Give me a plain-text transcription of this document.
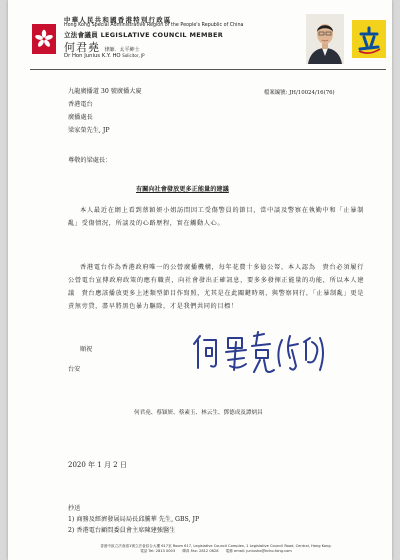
中華人民共和國香港特別行政區
Hong Kong Special Administrative Region of the People's Republic of China
立法會議員 LEGISLATIVE COUNCIL MEMBER
何君堯 律師．太平紳士
Dr Hon Junius K.Y. HO Solicitor, JP
檔案編號: JH/10024/16(76)
九龍廣播道 30 號廣播大廈
香港電台
廣播處長
梁家榮先生, JP
尊敬的梁處長：
有關向社會發放更多正能量的建議

本人最近在網上看到蔡穎妍小姐訪問因工受傷警員的節目，當中談及警察在執勤中和「止暴制亂」受傷情況，所談及的心路歷程，實在觸動人心。

香港電台作為香港政府唯一的公營廣播機構，每年花費十多億公帑，本人認為　貴台必須履行公營電台宣傳政府政策的應有職責，向社會發出正確訊息，要多多發揮正能量的功能，所以本人建議　貴台應該播放更多上述類型節目作寫照，尤其是在此關鍵時刻，與警察同行，「止暴制亂」更是責無旁貸，盡早將黑色暴力驅除，才是我們共同的目標！

順祝
台安
何君堯、蔡穎妍、蔡素玉、林云生、鄧德成及譚炳昌
2020 年 1 月 2 日
抄送
1) 商務及經濟發展局局長邱騰華 先生, GBS, JP
2) 香港電台顧問委員會主席陳建強醫生
香港中區立法會道1號立法會綜合大樓 617室 Room 617, Legislative Council Complex, 1 Legislative Council Road, Central, Hong Kong.
電話 Tel: 2813 0003　　傳真 Fax: 2812 0628　　電郵 email: juniusho@kcho-fong.com
